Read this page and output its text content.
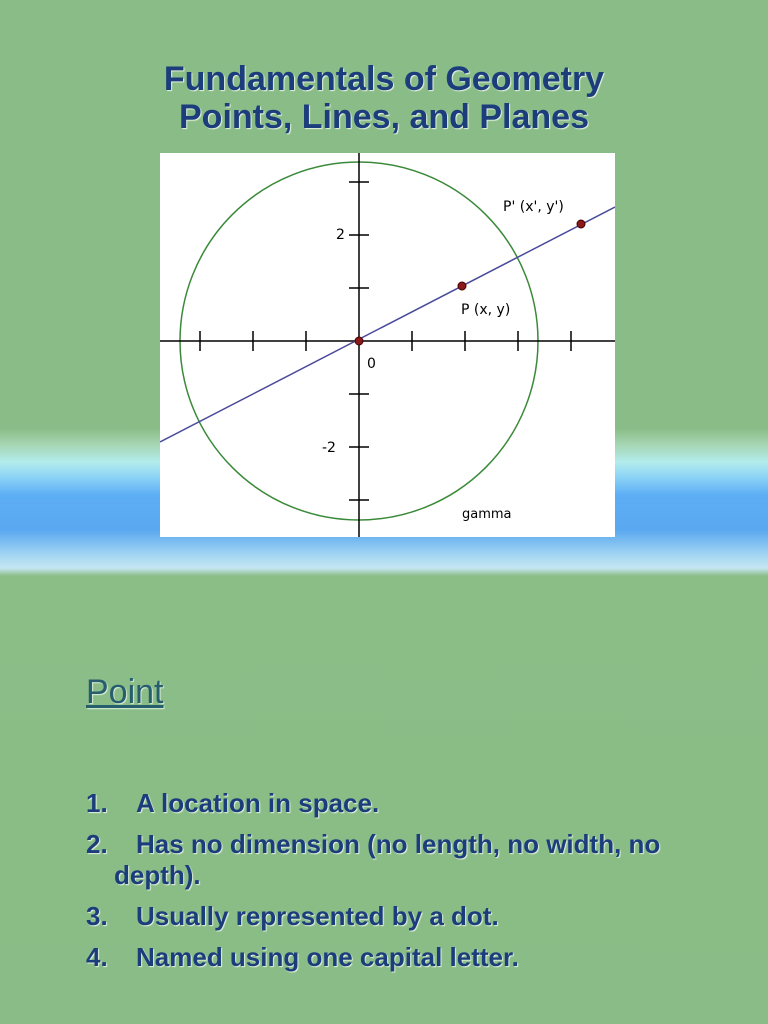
Fundamentals of Geometry
Points, Lines, and Planes
2
-2
0
P (x, y)
P' (x', y')
gamma
Point
1.	A location in space.
2.	Has no dimension (no length, no width, no depth).
3.	Usually represented by a dot.
4.	Named using one capital letter.
